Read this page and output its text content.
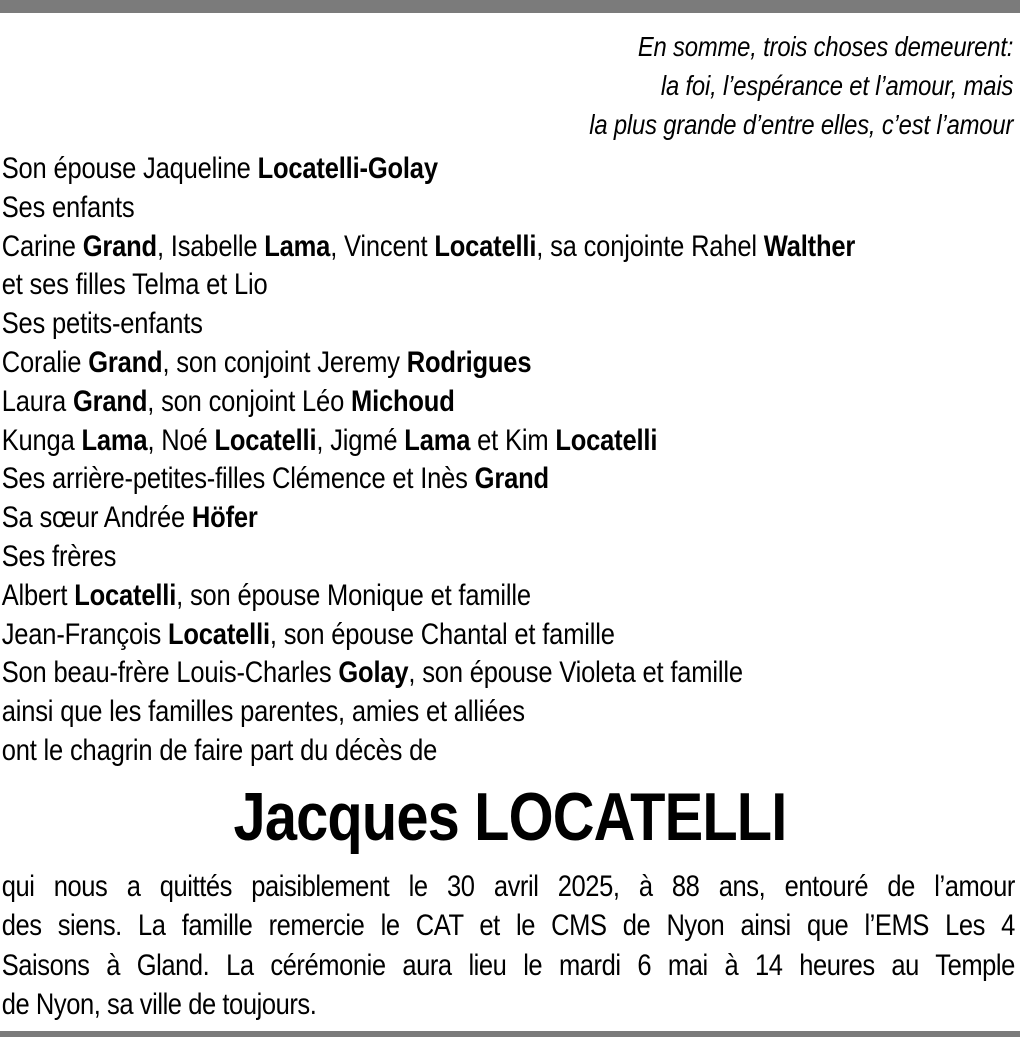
En somme, trois choses demeurent:
la foi, l’espérance et l’amour, mais
la plus grande d’entre elles, c’est l’amour
Son épouse Jaqueline Locatelli-Golay
Ses enfants
Carine Grand, Isabelle Lama, Vincent Locatelli, sa conjointe Rahel Walther
et ses filles Telma et Lio
Ses petits-enfants
Coralie Grand, son conjoint Jeremy Rodrigues
Laura Grand, son conjoint Léo Michoud
Kunga Lama, Noé Locatelli, Jigmé Lama et Kim Locatelli
Ses arrière-petites-filles Clémence et Inès Grand
Sa sœur Andrée Höfer
Ses frères
Albert Locatelli, son épouse Monique et famille
Jean-François Locatelli, son épouse Chantal et famille
Son beau-frère Louis-Charles Golay, son épouse Violeta et famille
ainsi que les familles parentes, amies et alliées
ont le chagrin de faire part du décès de
Jacques LOCATELLI
qui nous a quittés paisiblement le 30 avril 2025, à 88 ans, entouré de l’amour
des siens. La famille remercie le CAT et le CMS de Nyon ainsi que l’EMS Les 4
Saisons à Gland. La cérémonie aura lieu le mardi 6 mai à 14 heures au Temple
de Nyon, sa ville de toujours.
